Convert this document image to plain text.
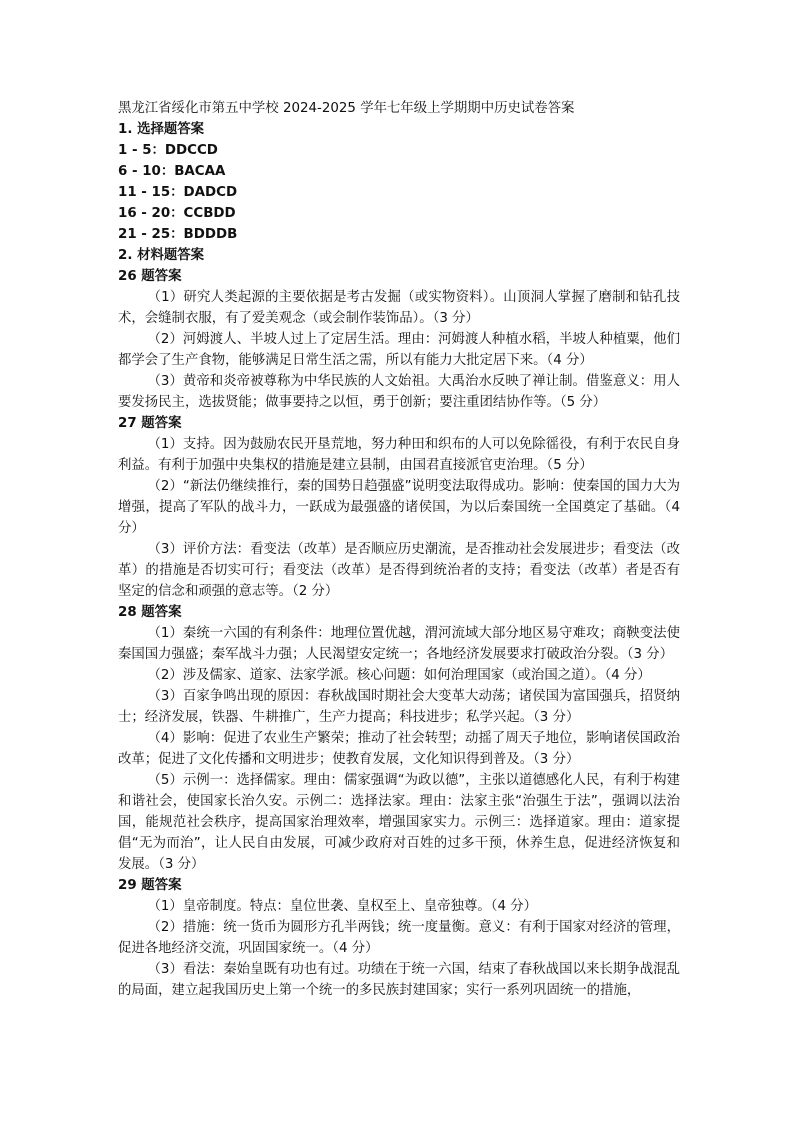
黑龙江省绥化市第五中学校 2024-2025 学年七年级上学期期中历史试卷答案

1. 选择题答案

1 - 5：DDCCD

6 - 10：BACAA

11 - 15：DADCD

16 - 20：CCBDD

21 - 25：BDDDB

2. 材料题答案

26 题答案

（1）研究人类起源的主要依据是考古发掘（或实物资料）。山顶洞人掌握了磨制和钻孔技术，会缝制衣服，有了爱美观念（或会制作装饰品）。（3 分）

（2）河姆渡人、半坡人过上了定居生活。理由：河姆渡人种植水稻，半坡人种植粟，他们都学会了生产食物，能够满足日常生活之需，所以有能力大批定居下来。（4 分）

（3）黄帝和炎帝被尊称为中华民族的人文始祖。大禹治水反映了禅让制。借鉴意义：用人要发扬民主，选拔贤能；做事要持之以恒，勇于创新；要注重团结协作等。（5 分）

27 题答案

（1）支持。因为鼓励农民开垦荒地，努力种田和织布的人可以免除徭役，有利于农民自身利益。有利于加强中央集权的措施是建立县制，由国君直接派官吏治理。（5 分）

（2）“新法仍继续推行，秦的国势日趋强盛”说明变法取得成功。影响：使秦国的国力大为增强，提高了军队的战斗力，一跃成为最强盛的诸侯国，为以后秦国统一全国奠定了基础。（4 分）

（3）评价方法：看变法（改革）是否顺应历史潮流，是否推动社会发展进步；看变法（改革）的措施是否切实可行；看变法（改革）是否得到统治者的支持；看变法（改革）者是否有坚定的信念和顽强的意志等。（2 分）

28 题答案

（1）秦统一六国的有利条件：地理位置优越，渭河流域大部分地区易守难攻；商鞅变法使秦国国力强盛；秦军战斗力强；人民渴望安定统一；各地经济发展要求打破政治分裂。（3 分）

（2）涉及儒家、道家、法家学派。核心问题：如何治理国家（或治国之道）。（4 分）

（3）百家争鸣出现的原因：春秋战国时期社会大变革大动荡；诸侯国为富国强兵，招贤纳士；经济发展，铁器、牛耕推广，生产力提高；科技进步；私学兴起。（3 分）

（4）影响：促进了农业生产繁荣；推动了社会转型；动摇了周天子地位，影响诸侯国政治改革；促进了文化传播和文明进步；使教育发展，文化知识得到普及。（3 分）

（5）示例一：选择儒家。理由：儒家强调“为政以德”，主张以道德感化人民，有利于构建和谐社会，使国家长治久安。示例二：选择法家。理由：法家主张“治强生于法”，强调以法治国，能规范社会秩序，提高国家治理效率，增强国家实力。示例三：选择道家。理由：道家提倡“无为而治”，让人民自由发展，可减少政府对百姓的过多干预，休养生息，促进经济恢复和发展。（3 分）

29 题答案

（1）皇帝制度。特点：皇位世袭、皇权至上、皇帝独尊。（4 分）

（2）措施：统一货币为圆形方孔半两钱；统一度量衡。意义：有利于国家对经济的管理，促进各地经济交流，巩固国家统一。（4 分）

（3）看法：秦始皇既有功也有过。功绩在于统一六国，结束了春秋战国以来长期争战混乱的局面，建立起我国历史上第一个统一的多民族封建国家；实行一系列巩固统一的措施，
